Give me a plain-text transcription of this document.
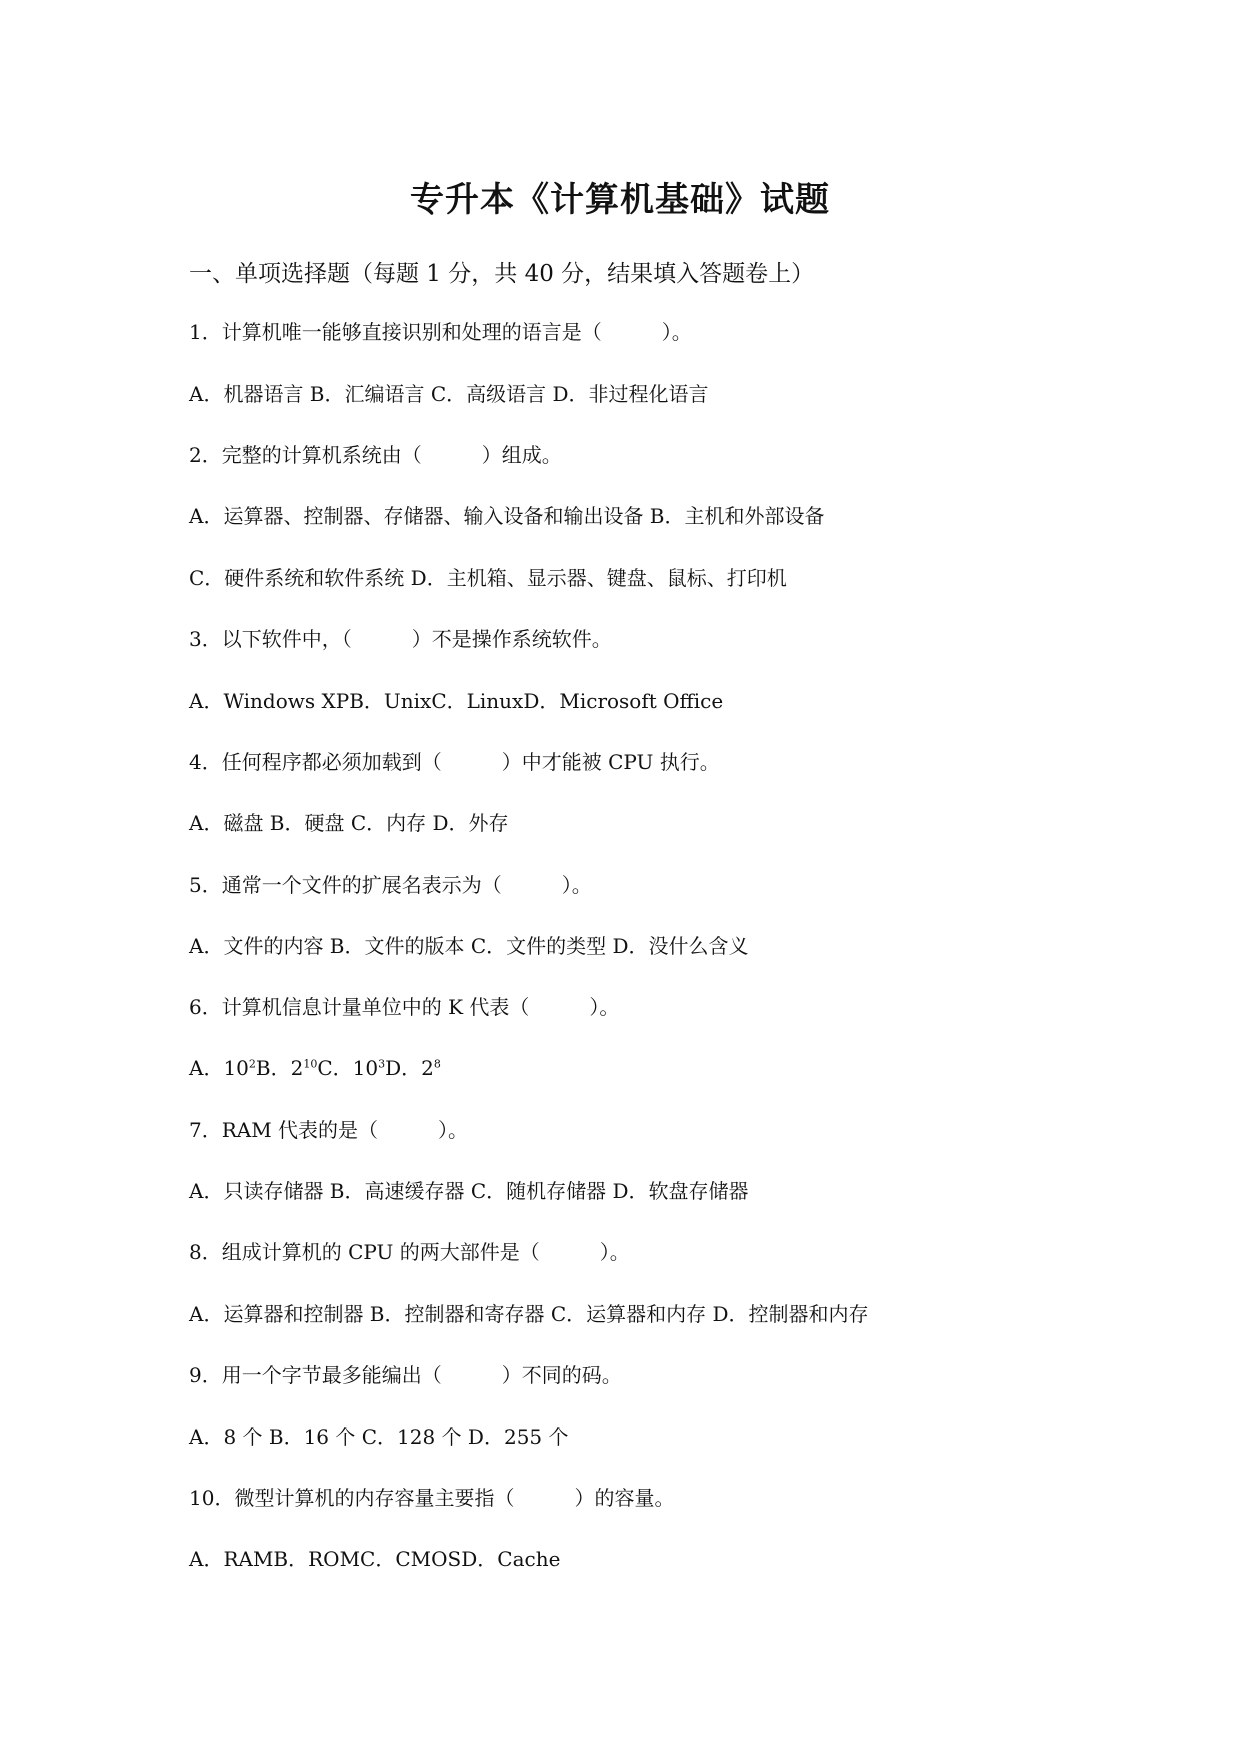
专升本《计算机基础》试题

一、单项选择题（每题 1 分，共 40 分，结果填入答题卷上）

1．计算机唯一能够直接识别和处理的语言是（　　　）。

A．机器语言 B．汇编语言 C．高级语言 D．非过程化语言

2．完整的计算机系统由（　　　）组成。

A．运算器、控制器、存储器、输入设备和输出设备 B．主机和外部设备

C．硬件系统和软件系统 D．主机箱、显示器、键盘、鼠标、打印机

3．以下软件中，（　　　）不是操作系统软件。

A．Windows XPB．UnixC．LinuxD．Microsoft Office

4．任何程序都必须加载到（　　　）中才能被 CPU 执行。

A．磁盘 B．硬盘 C．内存 D．外存

5．通常一个文件的扩展名表示为（　　　）。

A．文件的内容 B．文件的版本 C．文件的类型 D．没什么含义

6．计算机信息计量单位中的 K 代表（　　　）。

A．$10^2B$．$2^{10}C$．$10^3D$．$2^8$

7．RAM 代表的是（　　　）。

A．只读存储器 B．高速缓存器 C．随机存储器 D．软盘存储器

8．组成计算机的 CPU 的两大部件是（　　　）。

A．运算器和控制器 B．控制器和寄存器 C．运算器和内存 D．控制器和内存

9．用一个字节最多能编出（　　　）不同的码。

A．8 个 B．16 个 C．128 个 D．255 个

10．微型计算机的内存容量主要指（　　　）的容量。

A．RAMB．ROMC．CMOSD．Cache
